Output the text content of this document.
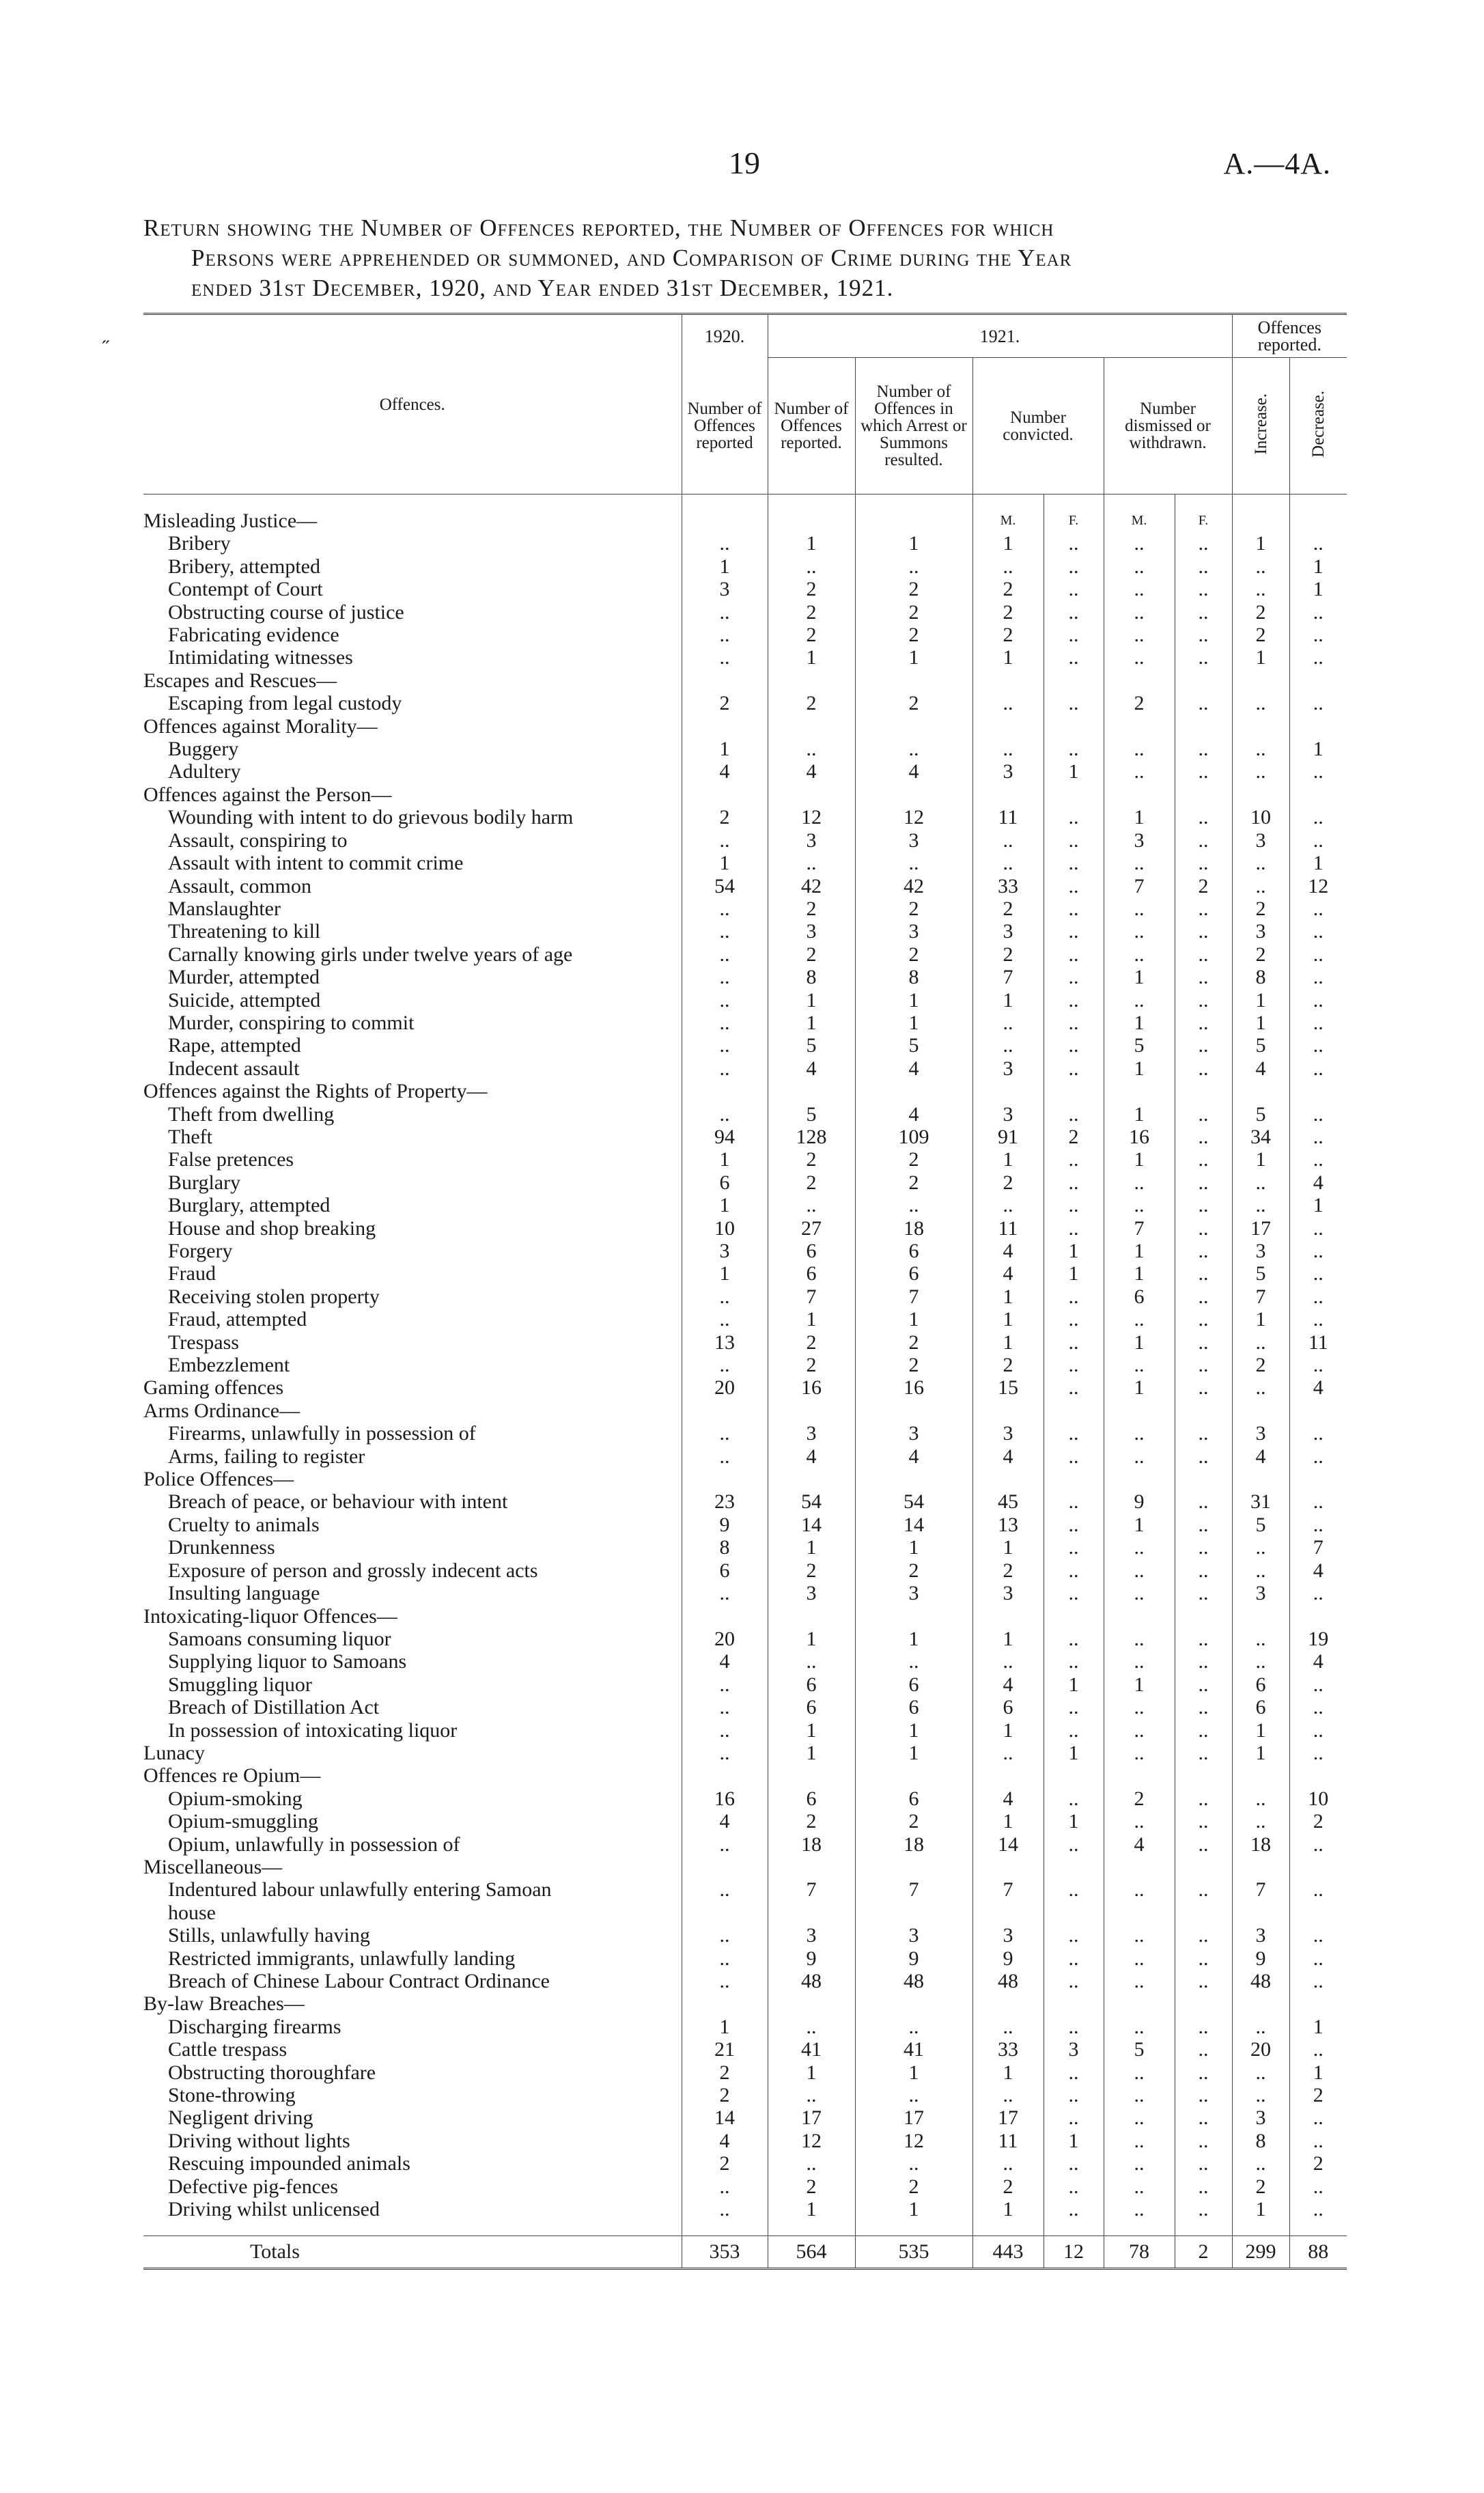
19	A.—4A.
Return showing the Number of Offences reported, the Number of Offences for which
Persons were apprehended or summoned, and Comparison of Crime during the Year
ended 31st December, 1920, and Year ended 31st December, 1921.
˝
Offences.	1920.	1921.						Offences reported.	
	Number of Offences reported	Number of Offences reported.	Number of Offences in which Arrest or Summons resulted.	Number convicted.		Number dismissed or withdrawn.		Increase.	Decrease.

Misleading Justice—				M.	F.	M.	F.		
Bribery	..	1	1	1	..	..	..	1	..
Bribery, attempted	1	..	..	..	..	..	..	..	1
Contempt of Court	3	2	2	2	..	..	..	..	1
Obstructing course of justice	..	2	2	2	..	..	..	2	..
Fabricating evidence	..	2	2	2	..	..	..	2	..
Intimidating witnesses	..	1	1	1	..	..	..	1	..
Escapes and Rescues—									
Escaping from legal custody	2	2	2	..	..	2	..	..	..
Offences against Morality—									
Buggery	1	..	..	..	..	..	..	..	1
Adultery	4	4	4	3	1	..	..	..	..
Offences against the Person—									
Wounding with intent to do grievous bodily harm	2	12	12	11	..	1	..	10	..
Assault, conspiring to	..	3	3	..	..	3	..	3	..
Assault with intent to commit crime	1	..	..	..	..	..	..	..	1
Assault, common	54	42	42	33	..	7	2	..	12
Manslaughter	..	2	2	2	..	..	..	2	..
Threatening to kill	..	3	3	3	..	..	..	3	..
Carnally knowing girls under twelve years of age	..	2	2	2	..	..	..	2	..
Murder, attempted	..	8	8	7	..	1	..	8	..
Suicide, attempted	..	1	1	1	..	..	..	1	..
Murder, conspiring to commit	..	1	1	..	..	1	..	1	..
Rape, attempted	..	5	5	..	..	5	..	5	..
Indecent assault	..	4	4	3	..	1	..	4	..
Offences against the Rights of Property—									
Theft from dwelling	..	5	4	3	..	1	..	5	..
Theft	94	128	109	91	2	16	..	34	..
False pretences	1	2	2	1	..	1	..	1	..
Burglary	6	2	2	2	..	..	..	..	4
Burglary, attempted	1	..	..	..	..	..	..	..	1
House and shop breaking	10	27	18	11	..	7	..	17	..
Forgery	3	6	6	4	1	1	..	3	..
Fraud	1	6	6	4	1	1	..	5	..
Receiving stolen property	..	7	7	1	..	6	..	7	..
Fraud, attempted	..	1	1	1	..	..	..	1	..
Trespass	13	2	2	1	..	1	..	..	11
Embezzlement	..	2	2	2	..	..	..	2	..
Gaming offences	20	16	16	15	..	1	..	..	4
Arms Ordinance—									
Firearms, unlawfully in possession of	..	3	3	3	..	..	..	3	..
Arms, failing to register	..	4	4	4	..	..	..	4	..
Police Offences—									
Breach of peace, or behaviour with intent	23	54	54	45	..	9	..	31	..
Cruelty to animals	9	14	14	13	..	1	..	5	..
Drunkenness	8	1	1	1	..	..	..	..	7
Exposure of person and grossly indecent acts	6	2	2	2	..	..	..	..	4
Insulting language	..	3	3	3	..	..	..	3	..
Intoxicating-liquor Offences—									
Samoans consuming liquor	20	1	1	1	..	..	..	..	19
Supplying liquor to Samoans	4	..	..	..	..	..	..	..	4
Smuggling liquor	..	6	6	4	1	1	..	6	..
Breach of Distillation Act	..	6	6	6	..	..	..	6	..
In possession of intoxicating liquor	..	1	1	1	..	..	..	1	..
Lunacy	..	1	1	..	1	..	..	1	..
Offences re Opium—									
Opium-smoking	16	6	6	4	..	2	..	..	10
Opium-smuggling	4	2	2	1	1	..	..	..	2
Opium, unlawfully in possession of	..	18	18	14	..	4	..	18	..
Miscellaneous—									
Indentured labour unlawfully entering Samoan	..	7	7	7	..	..	..	7	..
house									
Stills, unlawfully having	..	3	3	3	..	..	..	3	..
Restricted immigrants, unlawfully landing	..	9	9	9	..	..	..	9	..
Breach of Chinese Labour Contract Ordinance	..	48	48	48	..	..	..	48	..
By-law Breaches—									
Discharging firearms	1	..	..	..	..	..	..	..	1
Cattle trespass	21	41	41	33	3	5	..	20	..
Obstructing thoroughfare	2	1	1	1	..	..	..	..	1
Stone-throwing	2	..	..	..	..	..	..	..	2
Negligent driving	14	17	17	17	..	..	..	3	..
Driving without lights	4	12	12	11	1	..	..	8	..
Rescuing impounded animals	2	..	..	..	..	..	..	..	2
Defective pig-fences	..	2	2	2	..	..	..	2	..
Driving whilst unlicensed	..	1	1	1	..	..	..	1	..

Totals	353	564	535	443	12	78	2	299	88
